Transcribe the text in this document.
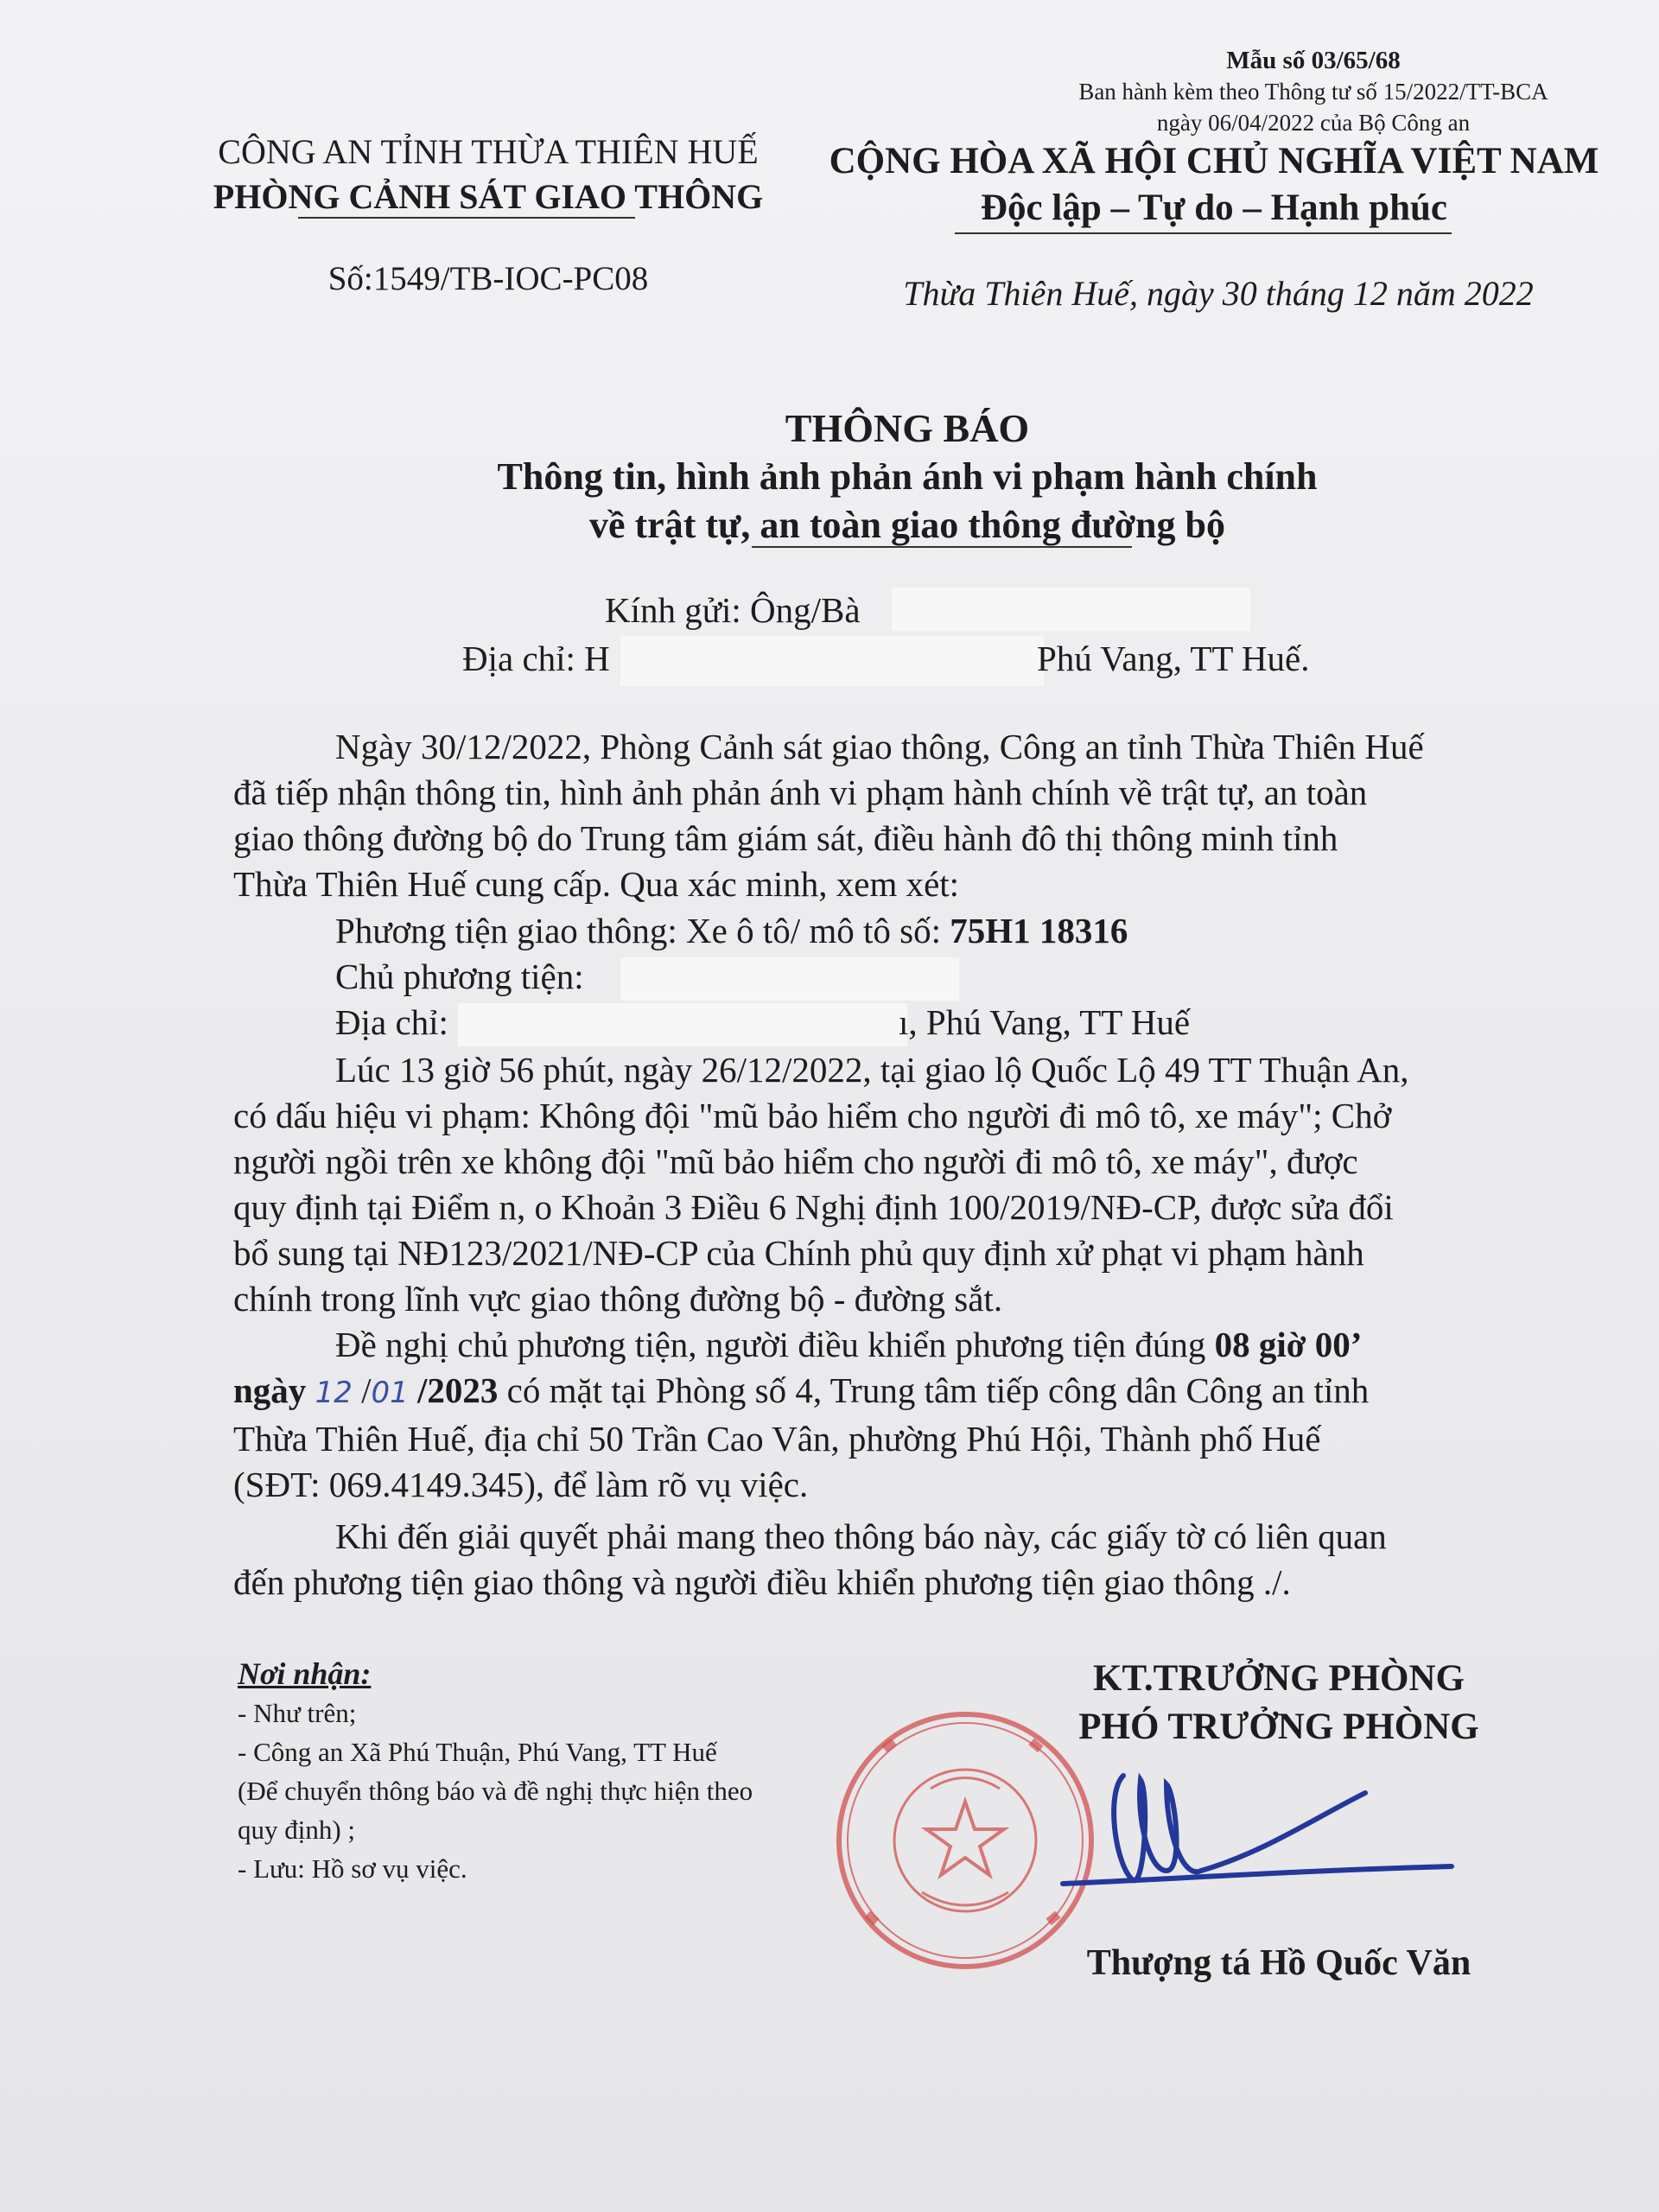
Mẫu số 03/65/68
Ban hành kèm theo Thông tư số 15/2022/TT-BCA
ngày 06/04/2022 của Bộ Công an
CÔNG AN TỈNH THỪA THIÊN HUẾ
PHÒNG CẢNH SÁT GIAO THÔNG
Số:1549/TB-IOC-PC08
CỘNG HÒA XÃ HỘI CHỦ NGHĨA VIỆT NAM
Độc lập – Tự do – Hạnh phúc
Thừa Thiên Huế, ngày 30 tháng 12 năm 2022
THÔNG BÁO
Thông tin, hình ảnh phản ánh vi phạm hành chính
về trật tự, an toàn giao thông đường bộ
Kính gửi: Ông/Bà
Địa chỉ: H	Phú Vang, TT Huế.
Ngày 30/12/2022, Phòng Cảnh sát giao thông, Công an tỉnh Thừa Thiên Huế
đã tiếp nhận thông tin, hình ảnh phản ánh vi phạm hành chính về trật tự, an toàn
giao thông đường bộ do Trung tâm giám sát, điều hành đô thị thông minh tỉnh
Thừa Thiên Huế cung cấp. Qua xác minh, xem xét:
Phương tiện giao thông: Xe ô tô/ mô tô số: 75H1 18316
Chủ phương tiện:
Địa chỉ:	ı, Phú Vang, TT Huế
Lúc 13 giờ 56 phút, ngày 26/12/2022, tại giao lộ Quốc Lộ 49 TT Thuận An,
có dấu hiệu vi phạm: Không đội "mũ bảo hiểm cho người đi mô tô, xe máy"; Chở
người ngồi trên xe không đội "mũ bảo hiểm cho người đi mô tô, xe máy", được
quy định tại Điểm n, o Khoản 3 Điều 6 Nghị định 100/2019/NĐ-CP, được sửa đổi
bổ sung tại NĐ123/2021/NĐ-CP của Chính phủ quy định xử phạt vi phạm hành
chính trong lĩnh vực giao thông đường bộ - đường sắt.
Đề nghị chủ phương tiện, người điều khiển phương tiện đúng 08 giờ 00’
ngày 12 /01 /2023 có mặt tại Phòng số 4, Trung tâm tiếp công dân Công an tỉnh
Thừa Thiên Huế, địa chỉ 50 Trần Cao Vân, phường Phú Hội, Thành phố Huế
(SĐT: 069.4149.345), để làm rõ vụ việc.
Khi đến giải quyết phải mang theo thông báo này, các giấy tờ có liên quan
đến phương tiện giao thông và người điều khiển phương tiện giao thông ./.
Nơi nhận:
- Như trên;
- Công an Xã Phú Thuận, Phú Vang, TT Huế
(Để chuyển thông báo và đề nghị thực hiện theo
quy định) ;
- Lưu: Hồ sơ vụ việc.
KT.TRƯỞNG PHÒNG
PHÓ TRƯỞNG PHÒNG
Thượng tá Hồ Quốc Văn
